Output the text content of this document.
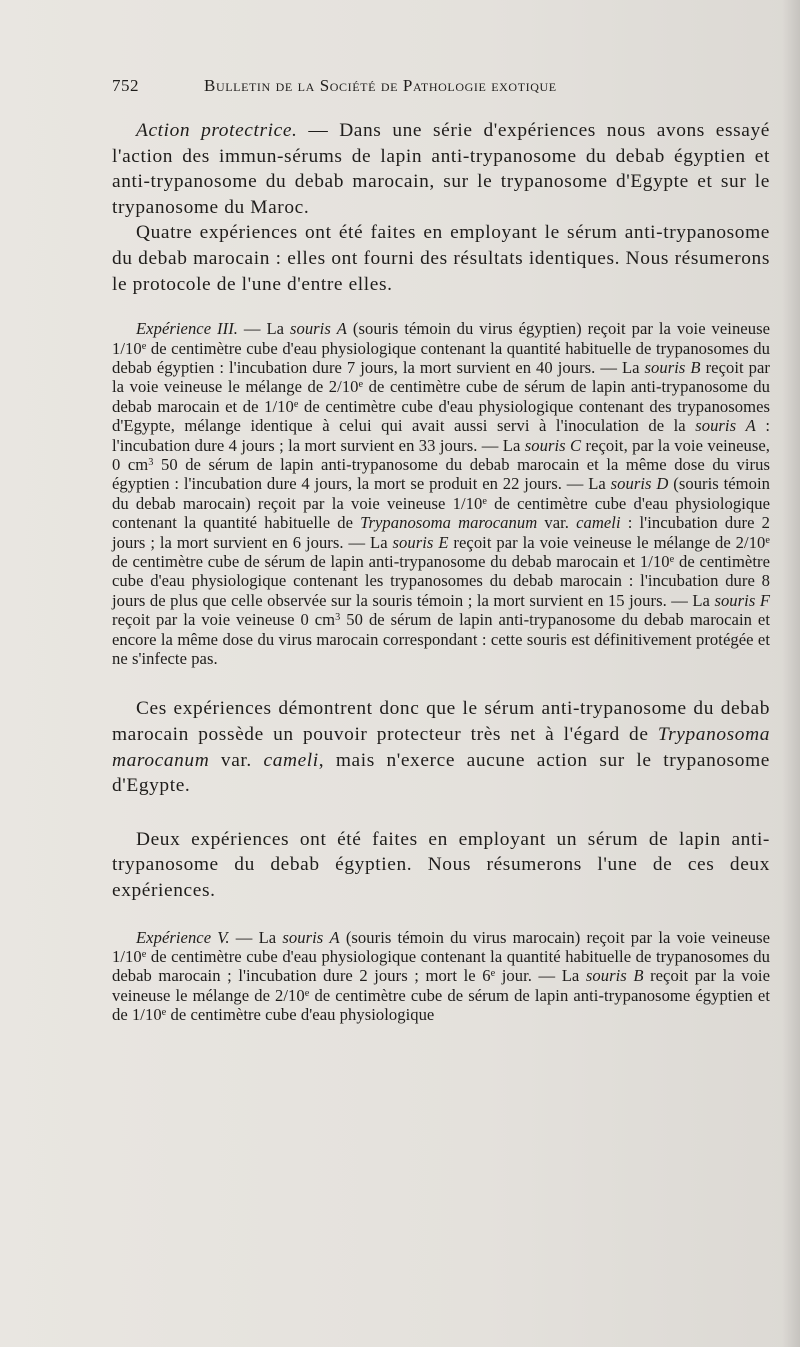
752	Bulletin de la Société de Pathologie exotique

Action protectrice. — Dans une série d'expériences nous avons essayé l'action des immun-sérums de lapin anti-trypanosome du debab égyptien et anti-trypanosome du debab marocain, sur le trypanosome d'Egypte et sur le trypanosome du Maroc.

Quatre expériences ont été faites en employant le sérum anti-trypanosome du debab marocain : elles ont fourni des résultats identiques. Nous résumerons le protocole de l'une d'entre elles.

Expérience III. — La souris A (souris témoin du virus égyptien) reçoit par la voie veineuse 1/10e de centimètre cube d'eau physiologique contenant la quantité habituelle de trypanosomes du debab égyptien : l'incubation dure 7 jours, la mort survient en 40 jours. — La souris B reçoit par la voie veineuse le mélange de 2/10e de centimètre cube de sérum de lapin anti-trypanosome du debab marocain et de 1/10e de centimètre cube d'eau physiologique contenant des trypanosomes d'Egypte, mélange identique à celui qui avait aussi servi à l'inoculation de la souris A : l'incubation dure 4 jours ; la mort survient en 33 jours. — La souris C reçoit, par la voie veineuse, 0 $cm^3$ 50 de sérum de lapin anti-trypanosome du debab marocain et la même dose du virus égyptien : l'incubation dure 4 jours, la mort se produit en 22 jours. — La souris D (souris témoin du debab marocain) reçoit par la voie veineuse 1/10e de centimètre cube d'eau physiologique contenant la quantité habituelle de Trypanosoma marocanum var. cameli : l'incubation dure 2 jours ; la mort survient en 6 jours. — La souris E reçoit par la voie veineuse le mélange de 2/10e de centimètre cube de sérum de lapin anti-trypanosome du debab marocain et 1/10e de centimètre cube d'eau physiologique contenant les trypanosomes du debab marocain : l'incubation dure 8 jours de plus que celle observée sur la souris témoin ; la mort survient en 15 jours. — La souris F reçoit par la voie veineuse 0 $cm^3$ 50 de sérum de lapin anti-trypanosome du debab marocain et encore la même dose du virus marocain correspondant : cette souris est définitivement protégée et ne s'infecte pas.

Ces expériences démontrent donc que le sérum anti-trypanosome du debab marocain possède un pouvoir protecteur très net à l'égard de Trypanosoma marocanum var. cameli, mais n'exerce aucune action sur le trypanosome d'Egypte.

Deux expériences ont été faites en employant un sérum de lapin anti-trypanosome du debab égyptien. Nous résumerons l'une de ces deux expériences.

Expérience V. — La souris A (souris témoin du virus marocain) reçoit par la voie veineuse 1/10e de centimètre cube d'eau physiologique contenant la quantité habituelle de trypanosomes du debab marocain ; l'incubation dure 2 jours ; mort le 6e jour. — La souris B reçoit par la voie veineuse le mélange de 2/10e de centimètre cube de sérum de lapin anti-trypanosome égyptien et de 1/10e de centimètre cube d'eau physiologique
